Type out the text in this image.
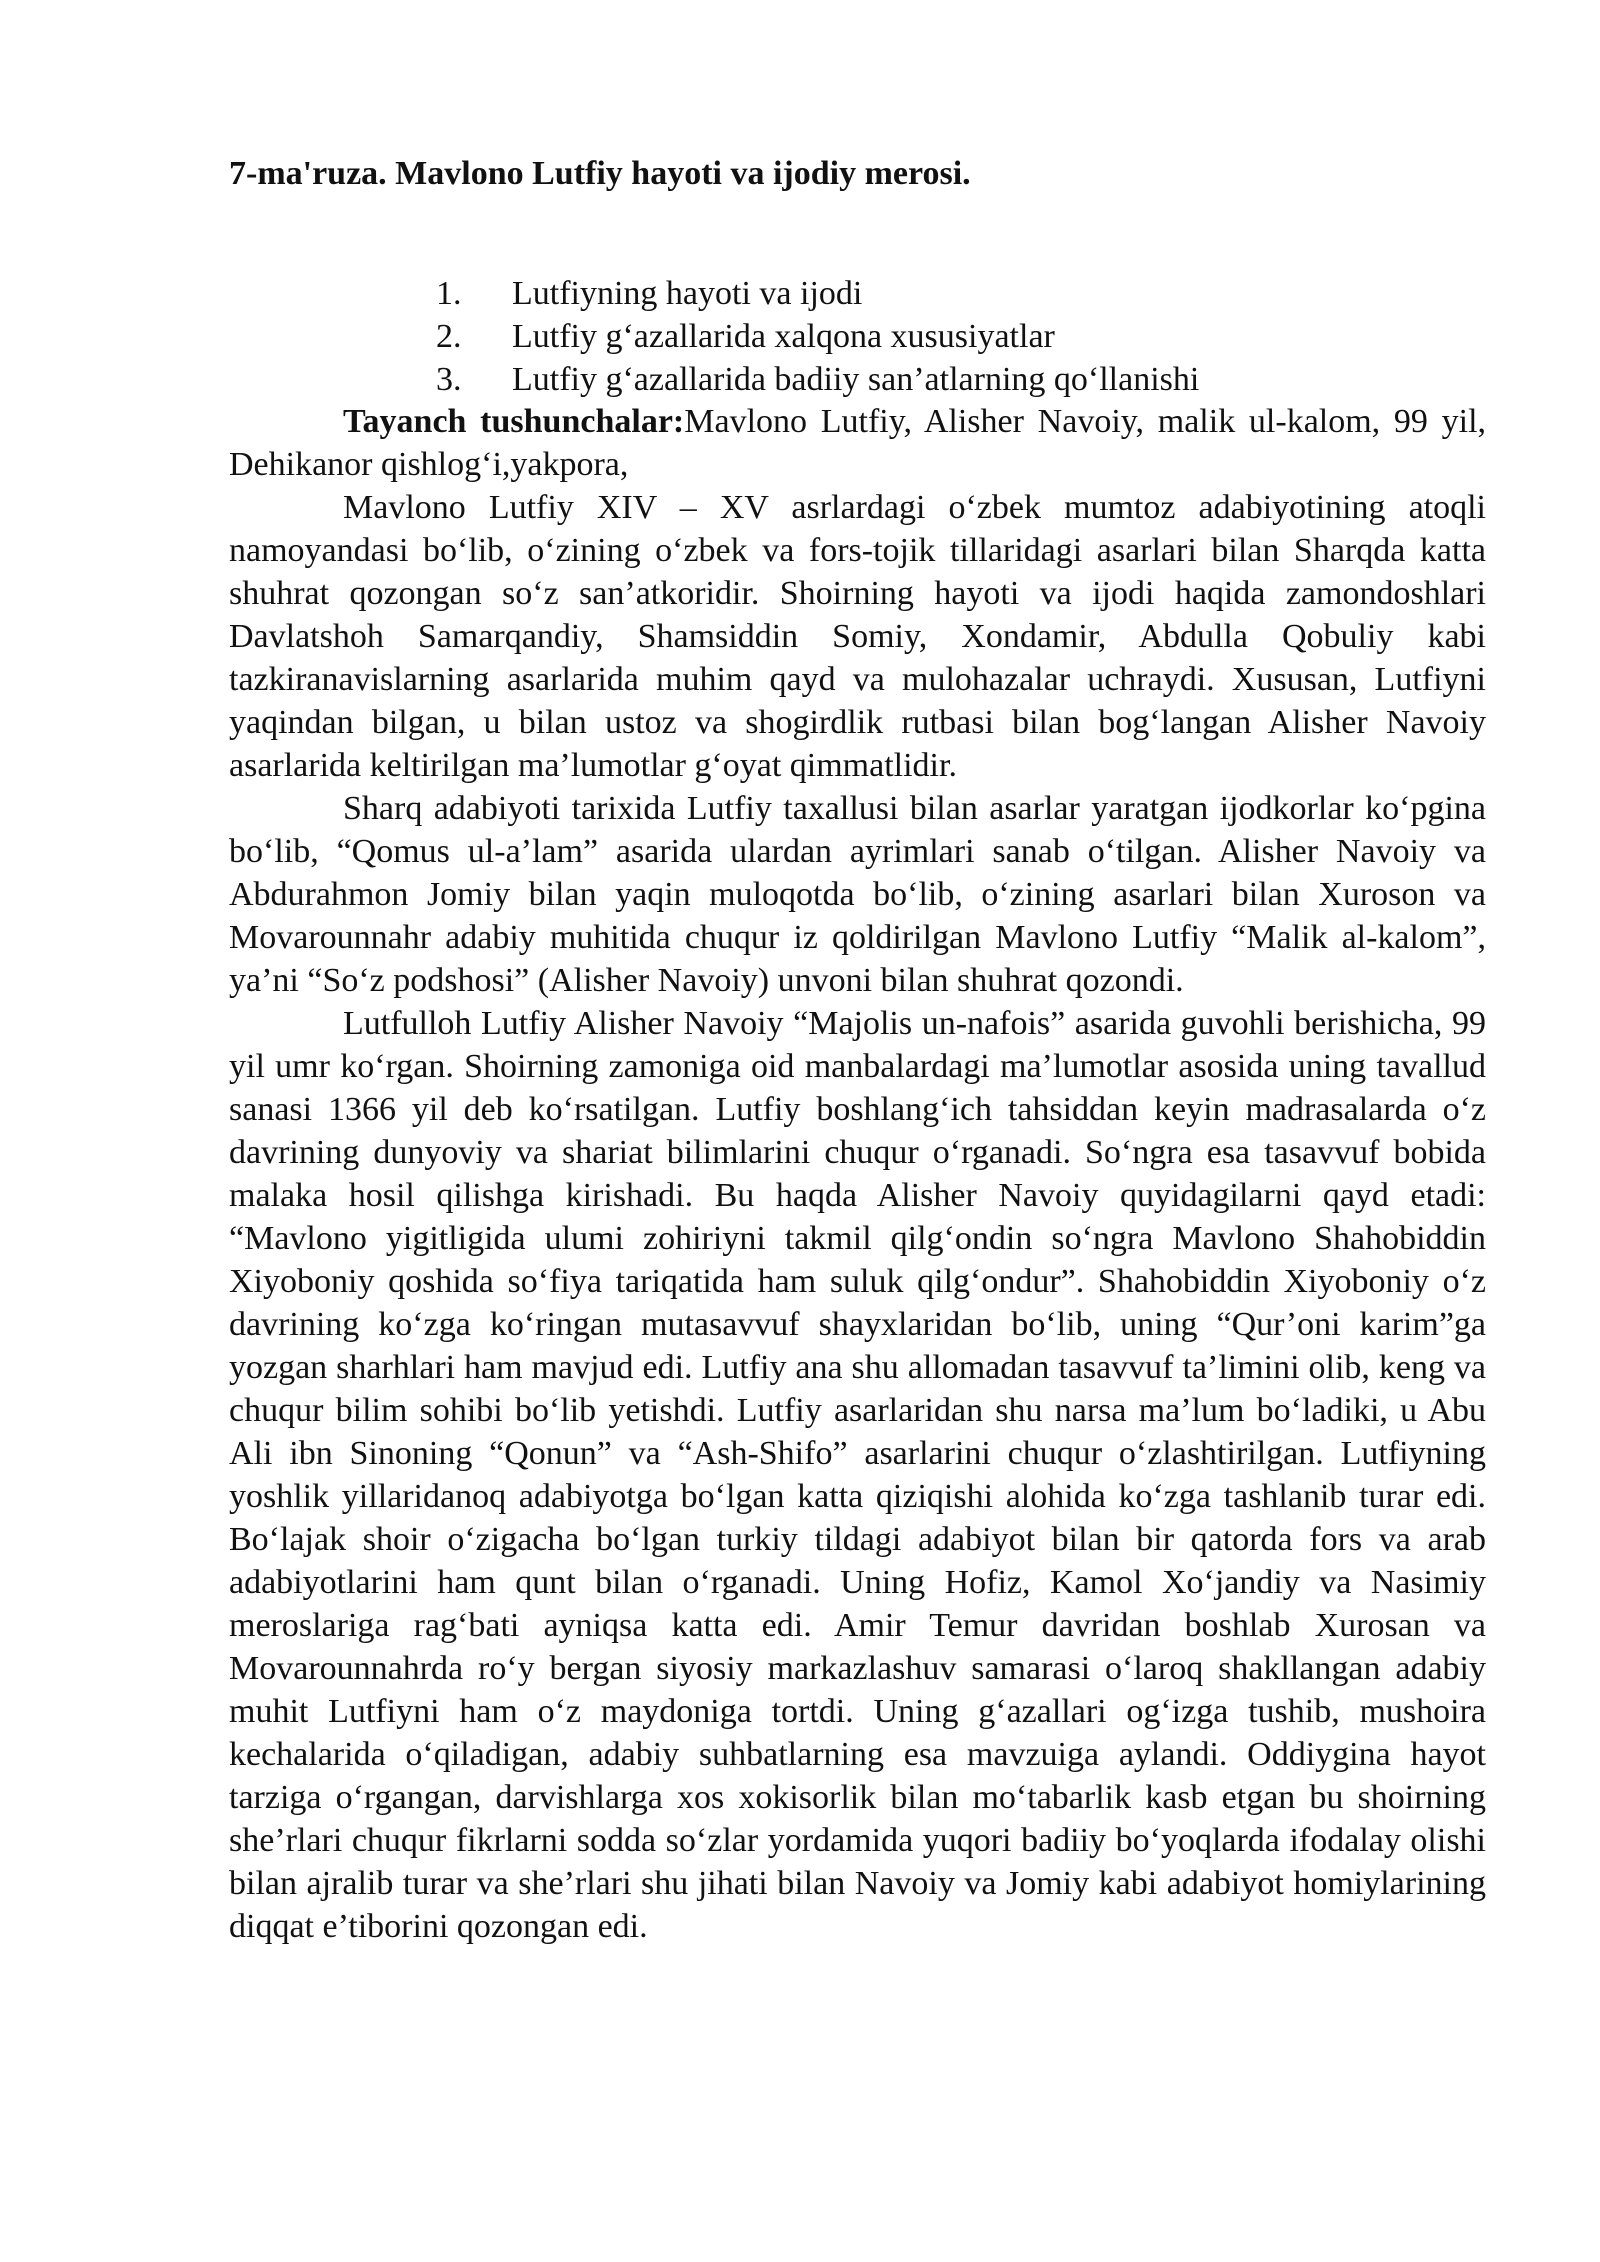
7-ma'ruza. Mavlono Lutfiy hayoti va ijodiy merosi.
1. Lutfiyning hayoti va ijodi
2. Lutfiy g‘azallarida xalqona xususiyatlar
3. Lutfiy g‘azallarida badiiy san’atlarning qo‘llanishi

Tayanch tushunchalar:Mavlono Lutfiy, Alisher Navoiy, malik ul-kalom, 99 yil, Dehikanor qishlog‘i,yakpora,

Mavlono Lutfiy XIV – XV asrlardagi o‘zbek mumtoz adabiyotining atoqli namoyandasi bo‘lib, o‘zining o‘zbek va fors-tojik tillaridagi asarlari bilan Sharqda katta shuhrat qozongan so‘z san’atkoridir. Shoirning hayoti va ijodi haqida zamondoshlari Davlatshoh Samarqandiy, Shamsiddin Somiy, Xondamir, Abdulla Qobuliy kabi tazkiranavislarning asarlarida muhim qayd va mulohazalar uchraydi. Xususan, Lutfiyni yaqindan bilgan, u bilan ustoz va shogirdlik rutbasi bilan bog‘langan Alisher Navoiy asarlarida keltirilgan ma’lumotlar g‘oyat qimmatlidir.

Sharq adabiyoti tarixida Lutfiy taxallusi bilan asarlar yaratgan ijodkorlar ko‘pgina bo‘lib, “Qomus ul-a’lam” asarida ulardan ayrimlari sanab o‘tilgan. Alisher Navoiy va Abdurahmon Jomiy bilan yaqin muloqotda bo‘lib, o‘zining asarlari bilan Xuroson va Movarounnahr adabiy muhitida chuqur iz qoldirilgan Mavlono Lutfiy “Malik al-kalom”, ya’ni “So‘z podshosi” (Alisher Navoiy) unvoni bilan shuhrat qozondi.

Lutfulloh Lutfiy Alisher Navoiy “Majolis un-nafois” asarida guvohli berishicha, 99 yil umr ko‘rgan. Shoirning zamoniga oid manbalardagi ma’lumotlar asosida uning tavallud sanasi 1366 yil deb ko‘rsatilgan. Lutfiy boshlang‘ich tahsiddan keyin madrasalarda o‘z davrining dunyoviy va shariat bilimlarini chuqur o‘rganadi. So‘ngra esa tasavvuf bobida malaka hosil qilishga kirishadi. Bu haqda Alisher Navoiy quyidagilarni qayd etadi: “Mavlono yigitligida ulumi zohiriyni takmil qilg‘ondin so‘ngra Mavlono Shahobiddin Xiyoboniy qoshida so‘fiya tariqatida ham suluk qilg‘ondur”. Shahobiddin Xiyoboniy o‘z davrining ko‘zga ko‘ringan mutasavvuf shayxlaridan bo‘lib, uning “Qur’oni karim”ga yozgan sharhlari ham mavjud edi. Lutfiy ana shu allomadan tasavvuf ta’limini olib, keng va chuqur bilim sohibi bo‘lib yetishdi. Lutfiy asarlaridan shu narsa ma’lum bo‘ladiki, u Abu Ali ibn Sinoning “Qonun” va “Ash-Shifo” asarlarini chuqur o‘zlashtirilgan. Lutfiyning yoshlik yillaridanoq adabiyotga bo‘lgan katta qiziqishi alohida ko‘zga tashlanib turar edi. Bo‘lajak shoir o‘zigacha bo‘lgan turkiy tildagi adabiyot bilan bir qatorda fors va arab adabiyotlarini ham qunt bilan o‘rganadi. Uning Hofiz, Kamol Xo‘jandiy va Nasimiy meroslariga rag‘bati ayniqsa katta edi. Amir Temur davridan boshlab Xurosan va Movarounnahrda ro‘y bergan siyosiy markazlashuv samarasi o‘laroq shakllangan adabiy muhit Lutfiyni ham o‘z maydoniga tortdi. Uning g‘azallari og‘izga tushib, mushoira kechalarida o‘qiladigan, adabiy suhbatlarning esa mavzuiga aylandi. Oddiygina hayot tarziga o‘rgangan, darvishlarga xos xokisorlik bilan mo‘tabarlik kasb etgan bu shoirning she’rlari chuqur fikrlarni sodda so‘zlar yordamida yuqori badiiy bo‘yoqlarda ifodalay olishi bilan ajralib turar va she’rlari shu jihati bilan Navoiy va Jomiy kabi adabiyot homiylarining diqqat e’tiborini qozongan edi.
